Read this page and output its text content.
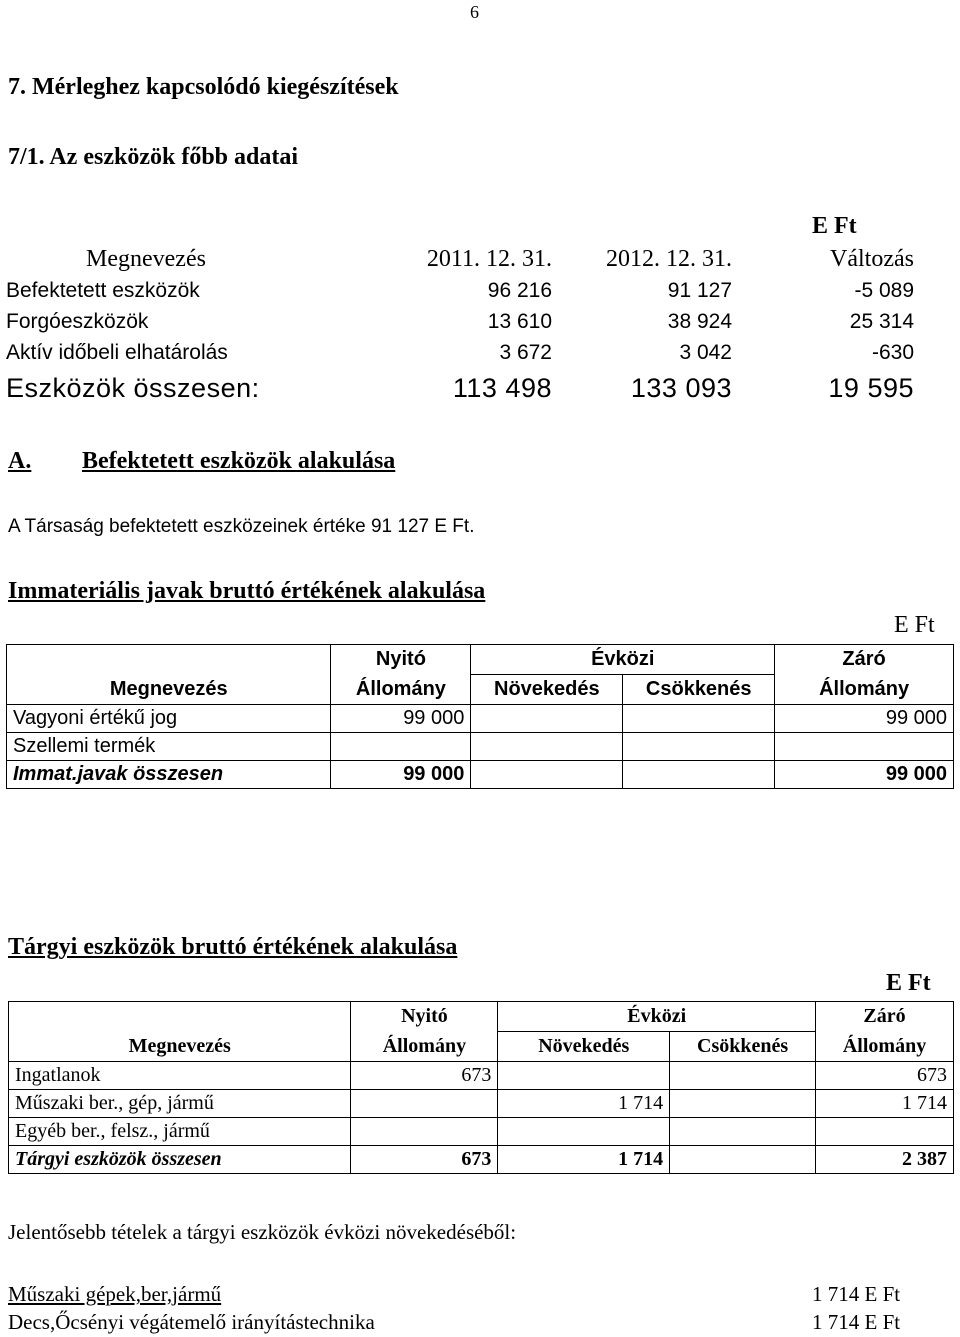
6
7. Mérleghez kapcsolódó kiegészítések
7/1. Az eszközök főbb adatai
E Ft
Megnevezés	2011. 12. 31.	2012. 12. 31.	Változás
Befektetett eszközök	96 216	91 127	-5 089
Forgóeszközök	13 610	38 924	25 314
Aktív időbeli elhatárolás	3 672	3 042	-630
Eszközök összesen:	113 498	133 093	19 595
A. Befektetett eszközök alakulása
A Társaság befektetett eszközeinek értéke 91 127 E Ft.
Immateriális javak bruttó értékének alakulása
E Ft
	Nyitó	Évközi		Záró
Megnevezés	Állomány	Növekedés	Csökkenés	Állomány
Vagyoni értékű jog	99 000			99 000
Szellemi termék				
Immat.javak összesen	99 000			99 000
Tárgyi eszközök bruttó értékének alakulása
E Ft
	Nyitó	Évközi		Záró
Megnevezés	Állomány	Növekedés	Csökkenés	Állomány
Ingatlanok	673			673
Műszaki ber., gép, jármű		1 714		1 714
Egyéb ber., felsz., jármű				
Tárgyi eszközök összesen	673	1 714		2 387
Jelentősebb tételek a tárgyi eszközök évközi növekedéséből:
Műszaki gépek,ber,jármű	1 714 E Ft
Decs,Őcsényi végátemelő irányítástechnika	1 714 E Ft
